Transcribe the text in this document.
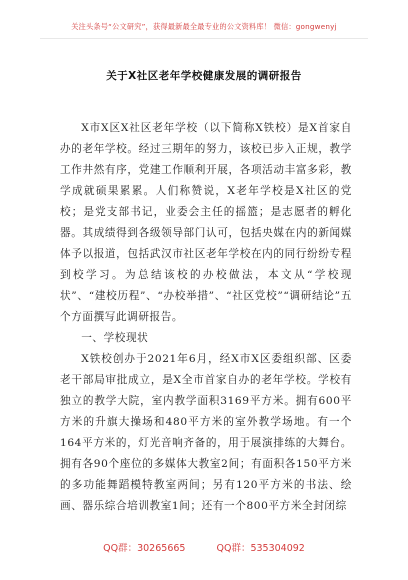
关注头条号“公文研究”，获得最新最全最专业的公文资料库！ 微信：gongwenyj
关于X社区老年学校健康发展的调研报告

X市X区X社区老年学校（以下简称X铁校）是X首家自办的老年学校。经过三期年的努力，该校已步入正规，教学工作井然有序，党建工作顺利开展，各项活动丰富多彩，教学成就硕果累累。人们称赞说，X老年学校是X社区的党校；是党支部书记，业委会主任的摇篮；是志愿者的孵化器。其成绩得到各级领导部门认可，包括央媒在内的新闻媒体予以报道，包括武汉市社区老年学校在内的同行纷纷专程到校学习。为总结该校的办校做法，本文从“学校现状”、“建校历程”、“办校举措”、“社区党校”“调研结论”五个方面撰写此调研报告。

一、学校现状

X铁校创办于2021年6月，经X市X区委组织部、区委老干部局审批成立，是X全市首家自办的老年学校。学校有独立的教学大院，室内教学面积3169平方米。拥有600平方米的升旗大操场和480平方米的室外教学场地。有一个164平方米的，灯光音响齐备的，用于展演排练的大舞台。拥有各90个座位的多媒体大教室2间；有面积各150平方米的多功能舞蹈模特教室两间；另有120平方米的书法、绘画、器乐综合培训教室1间；还有一个800平方米全封闭综

QQ群：30265665	QQ群：535304092
